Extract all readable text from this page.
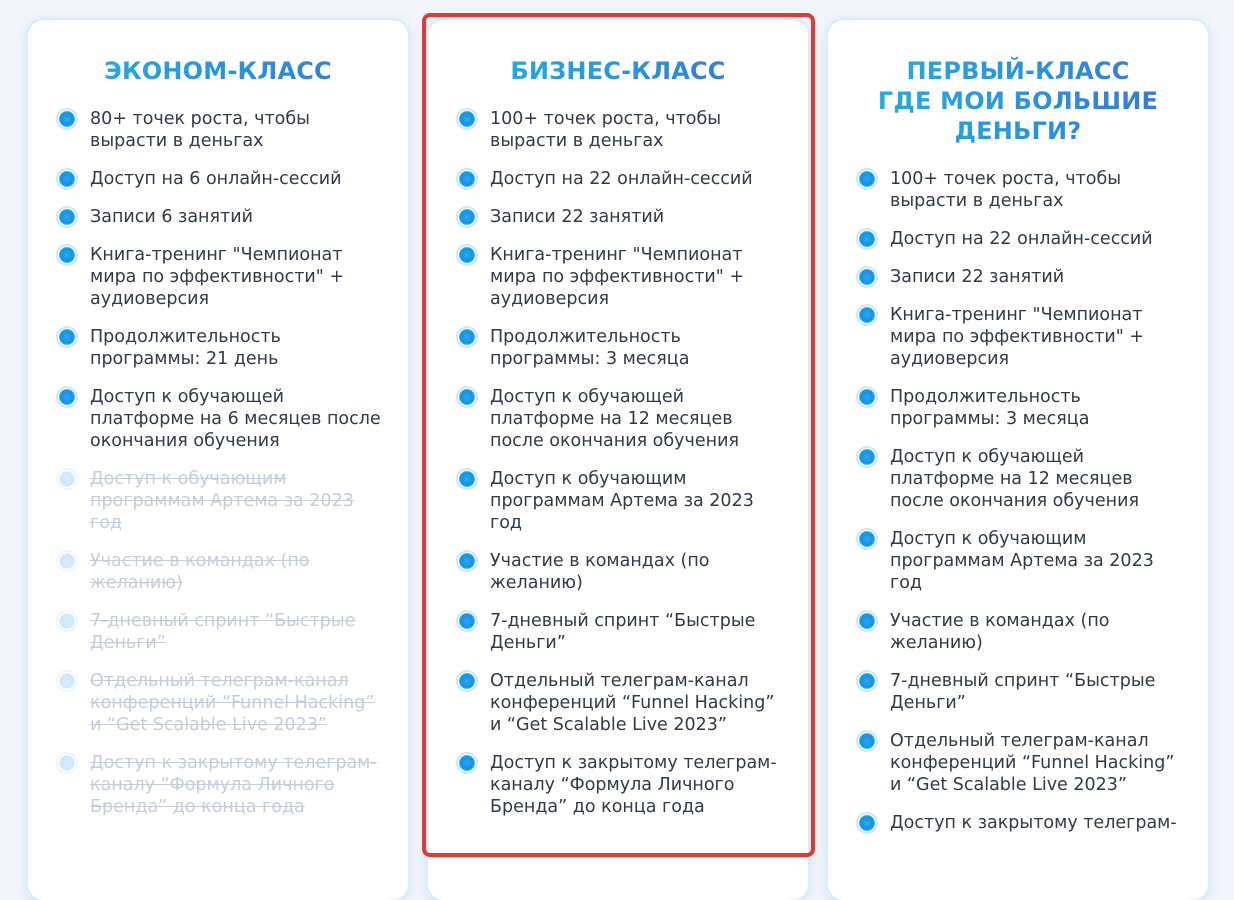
ЭКОНОМ-КЛАСС
80+ точек роста, чтобы вырасти в деньгах
Доступ на 6 онлайн-сессий
Записи 6 занятий
Книга-тренинг "Чемпионат мира по эффективности" + аудиоверсия
Продолжительность программы: 21 день
Доступ к обучающей платформе на 6 месяцев после окончания обучения
Доступ к обучающим программам Артема за 2023 год
Участие в командах (по желанию)
7-дневный спринт “Быстрые Деньги”
Отдельный телеграм-канал конференций “Funnel Hacking” и “Get Scalable Live 2023”
Доступ к закрытому телеграм-каналу “Формула Личного Бренда” до конца года
БИЗНЕС-КЛАСС
100+ точек роста, чтобы вырасти в деньгах
Доступ на 22 онлайн-сессий
Записи 22 занятий
Книга-тренинг "Чемпионат мира по эффективности" + аудиоверсия
Продолжительность программы: 3 месяца
Доступ к обучающей платформе на 12 месяцев после окончания обучения
Доступ к обучающим программам Артема за 2023 год
Участие в командах (по желанию)
7-дневный спринт “Быстрые Деньги”
Отдельный телеграм-канал конференций “Funnel Hacking” и “Get Scalable Live 2023”
Доступ к закрытому телеграм-каналу “Формула Личного Бренда” до конца года
ПЕРВЫЙ-КЛАСС
ГДЕ МОИ БОЛЬШИЕ
ДЕНЬГИ?
100+ точек роста, чтобы вырасти в деньгах
Доступ на 22 онлайн-сессий
Записи 22 занятий
Книга-тренинг "Чемпионат мира по эффективности" + аудиоверсия
Продолжительность программы: 3 месяца
Доступ к обучающей платформе на 12 месяцев после окончания обучения
Доступ к обучающим программам Артема за 2023 год
Участие в командах (по желанию)
7-дневный спринт “Быстрые Деньги”
Отдельный телеграм-канал конференций “Funnel Hacking” и “Get Scalable Live 2023”
Доступ к закрытому телеграм-
